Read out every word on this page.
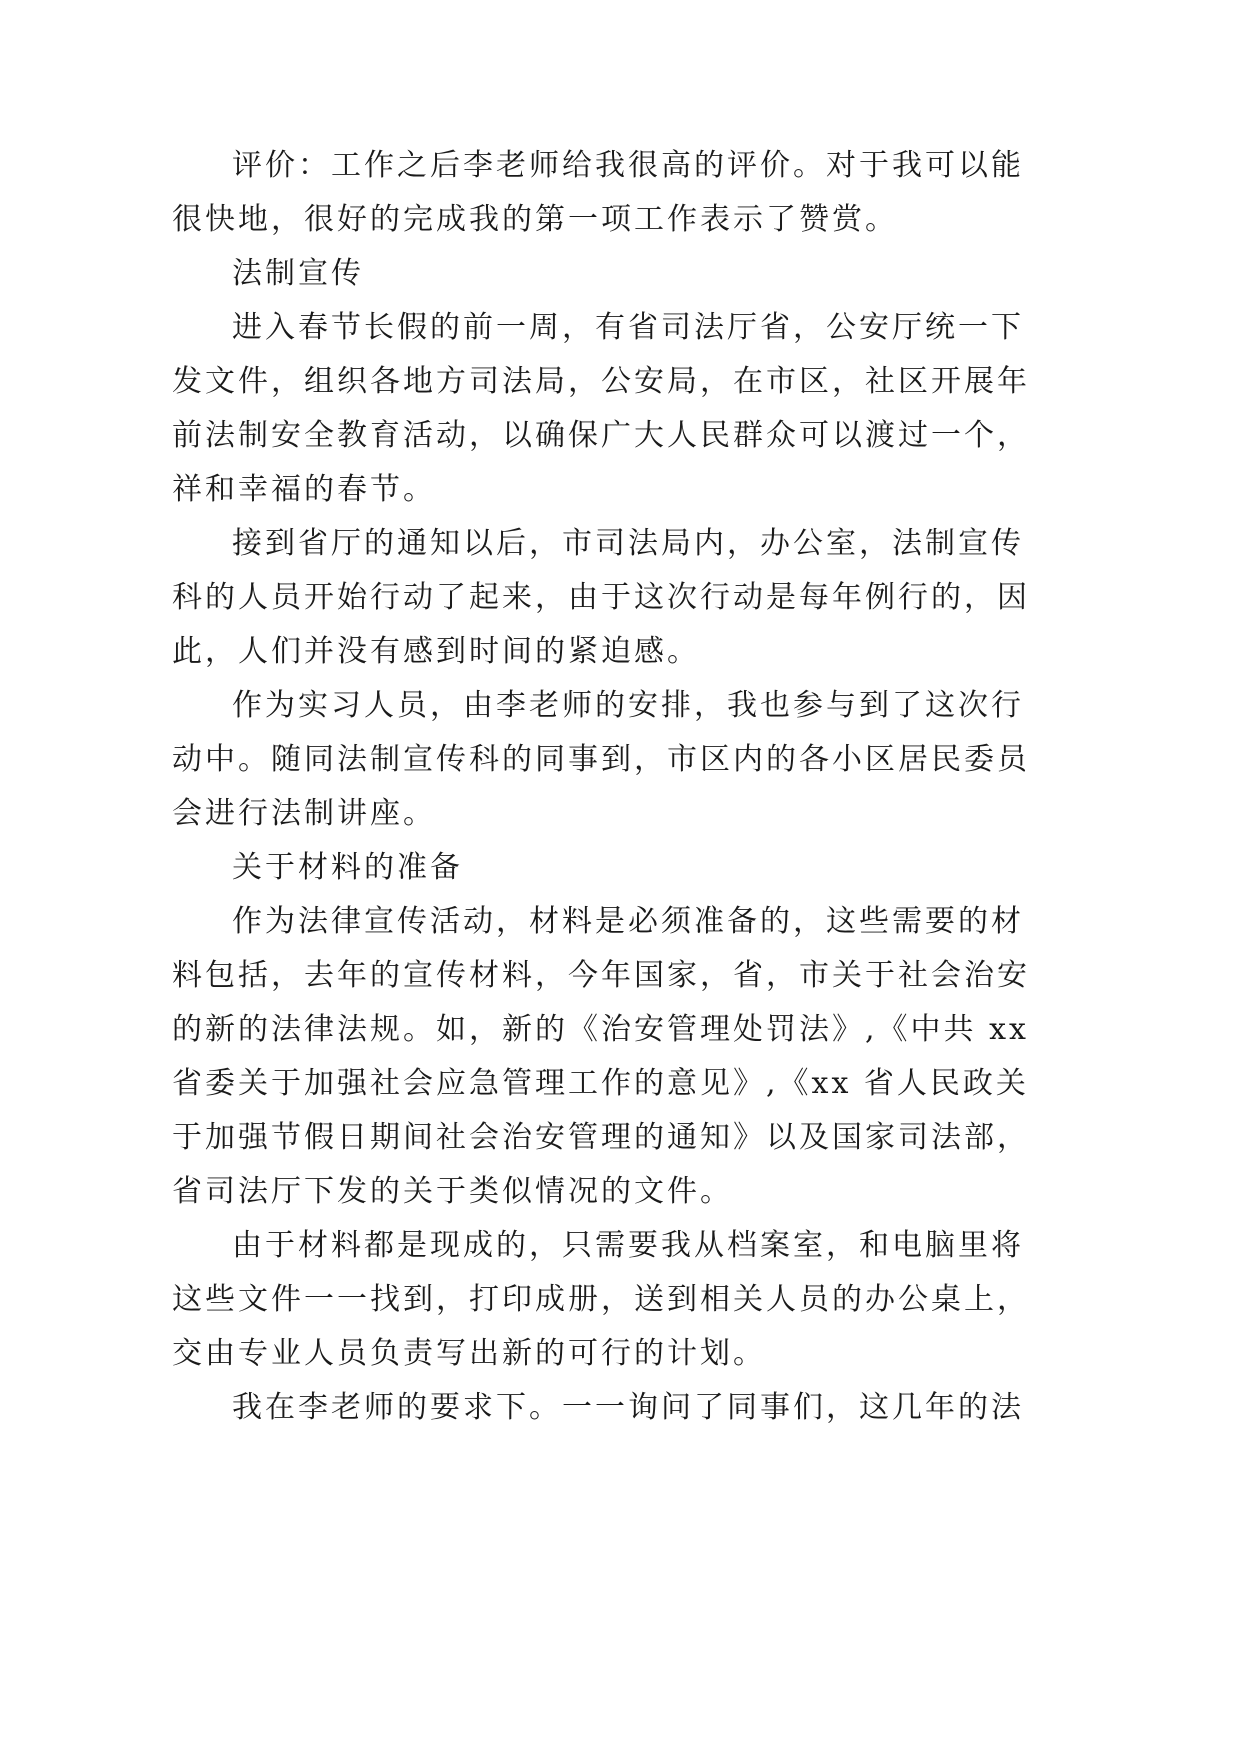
评价：工作之后李老师给我很高的评价。对于我可以能
很快地，很好的完成我的第一项工作表示了赞赏。
法制宣传
进入春节长假的前一周，有省司法厅省，公安厅统一下
发文件，组织各地方司法局，公安局，在市区，社区开展年
前法制安全教育活动，以确保广大人民群众可以渡过一个，
祥和幸福的春节。
接到省厅的通知以后，市司法局内，办公室，法制宣传
科的人员开始行动了起来，由于这次行动是每年例行的，因
此，人们并没有感到时间的紧迫感。
作为实习人员，由李老师的安排，我也参与到了这次行
动中。随同法制宣传科的同事到，市区内的各小区居民委员
会进行法制讲座。
关于材料的准备
作为法律宣传活动，材料是必须准备的，这些需要的材
料包括，去年的宣传材料，今年国家，省，市关于社会治安
的新的法律法规。如，新的《治安管理处罚法》,《中共 xx
省委关于加强社会应急管理工作的意见》,《xx 省人民政关
于加强节假日期间社会治安管理的通知》以及国家司法部，
省司法厅下发的关于类似情况的文件。
由于材料都是现成的，只需要我从档案室，和电脑里将
这些文件一一找到，打印成册，送到相关人员的办公桌上，
交由专业人员负责写出新的可行的计划。
我在李老师的要求下。一一询问了同事们，这几年的法
